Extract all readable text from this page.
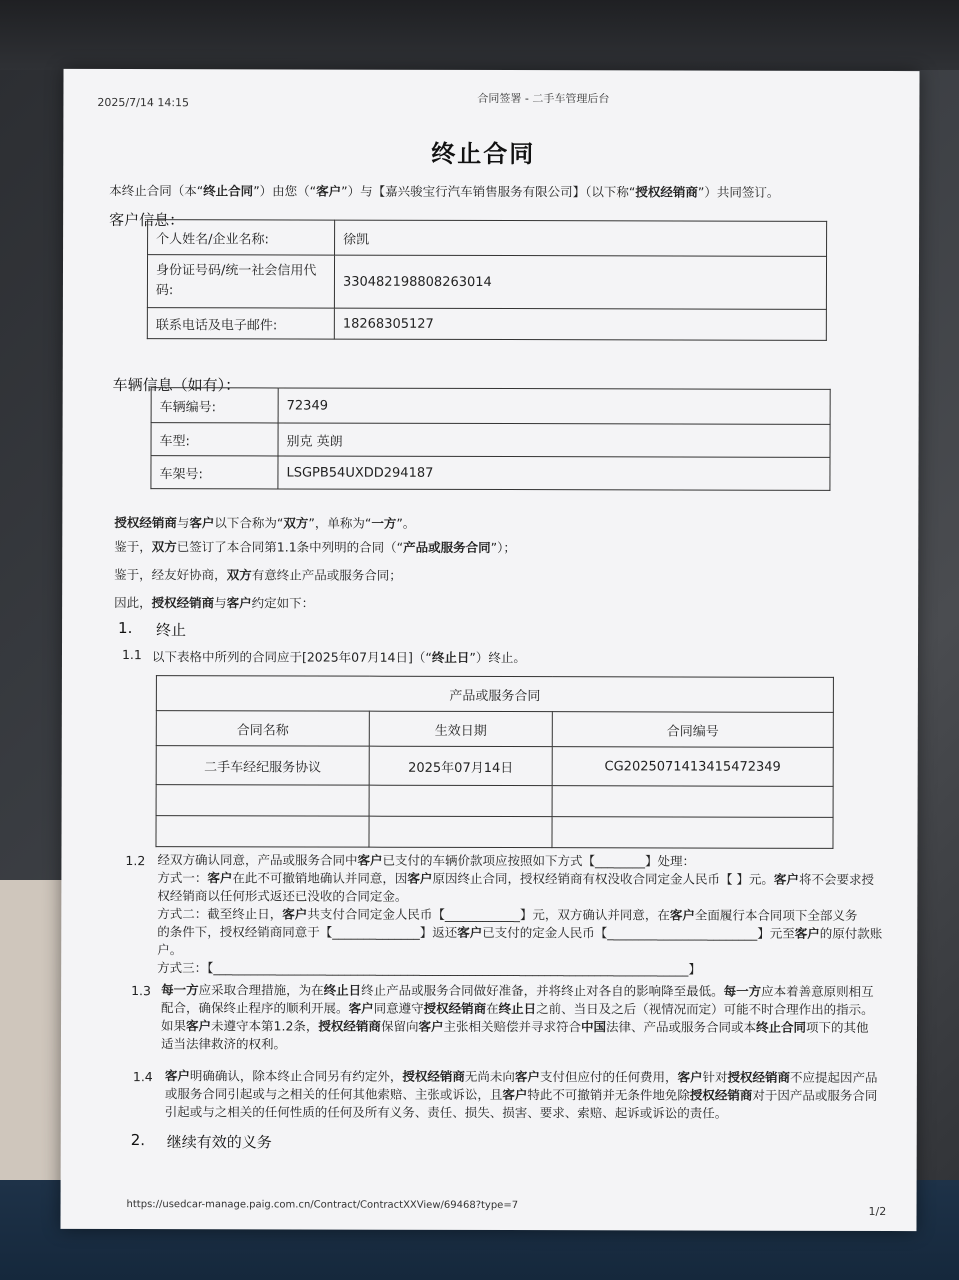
2025/7/14 14:15	合同签署 - 二手车管理后台
终止合同
本终止合同（本“终止合同”）由您（“客户”）与【嘉兴骏宝行汽车销售服务有限公司】（以下称“授权经销商”）共同签订。
客户信息：
个人姓名/企业名称:	徐凯
身份证号码/统一社会信用代码:	330482198808263014
联系电话及电子邮件:	18268305127
车辆信息（如有）：
车辆编号:	72349
车型:	别克 英朗
车架号:	LSGPB54UXDD294187
授权经销商与客户以下合称为“双方”，单称为“一方”。
鉴于，双方已签订了本合同第1.1条中列明的合同（“产品或服务合同”）；
鉴于，经友好协商，双方有意终止产品或服务合同；
因此，授权经销商与客户约定如下：
1. 终止
1.1 以下表格中所列的合同应于[2025年07月14日]（“终止日”）终止。
产品或服务合同		
合同名称	生效日期	合同编号
二手车经纪服务协议	2025年07月14日	CG2025071413415472349

1.2 经双方确认同意，产品或服务合同中客户已支付的车辆价款项应按照如下方式【________】处理：
方式一：客户在此不可撤销地确认并同意，因客户原因终止合同，授权经销商有权没收合同定金人民币【 】元。客户将不会要求授
权经销商以任何形式返还已没收的合同定金。
方式二：截至终止日，客户共支付合同定金人民币【____________】元，双方确认并同意，在客户全面履行本合同项下全部义务
的条件下，授权经销商同意于【______________】返还客户已支付的定金人民币【________________________】元至客户的原付款账
户。
方式三：【____________________________________________________________________________】
1.3 每一方应采取合理措施，为在终止日终止产品或服务合同做好准备，并将终止对各自的影响降至最低。每一方应本着善意原则相互
配合，确保终止程序的顺利开展。客户同意遵守授权经销商在终止日之前、当日及之后（视情况而定）可能不时合理作出的指示。
如果客户未遵守本第1.2条，授权经销商保留向客户主张相关赔偿并寻求符合中国法律、产品或服务合同或本终止合同项下的其他
适当法律救济的权利。
1.4 客户明确确认，除本终止合同另有约定外，授权经销商无尚未向客户支付但应付的任何费用，客户针对授权经销商不应提起因产品
或服务合同引起或与之相关的任何其他索赔、主张或诉讼，且客户特此不可撤销并无条件地免除授权经销商对于因产品或服务合同
引起或与之相关的任何性质的任何及所有义务、责任、损失、损害、要求、索赔、起诉或诉讼的责任。
2. 继续有效的义务
https://usedcar-manage.paig.com.cn/Contract/ContractXXView/69468?type=7	1/2
